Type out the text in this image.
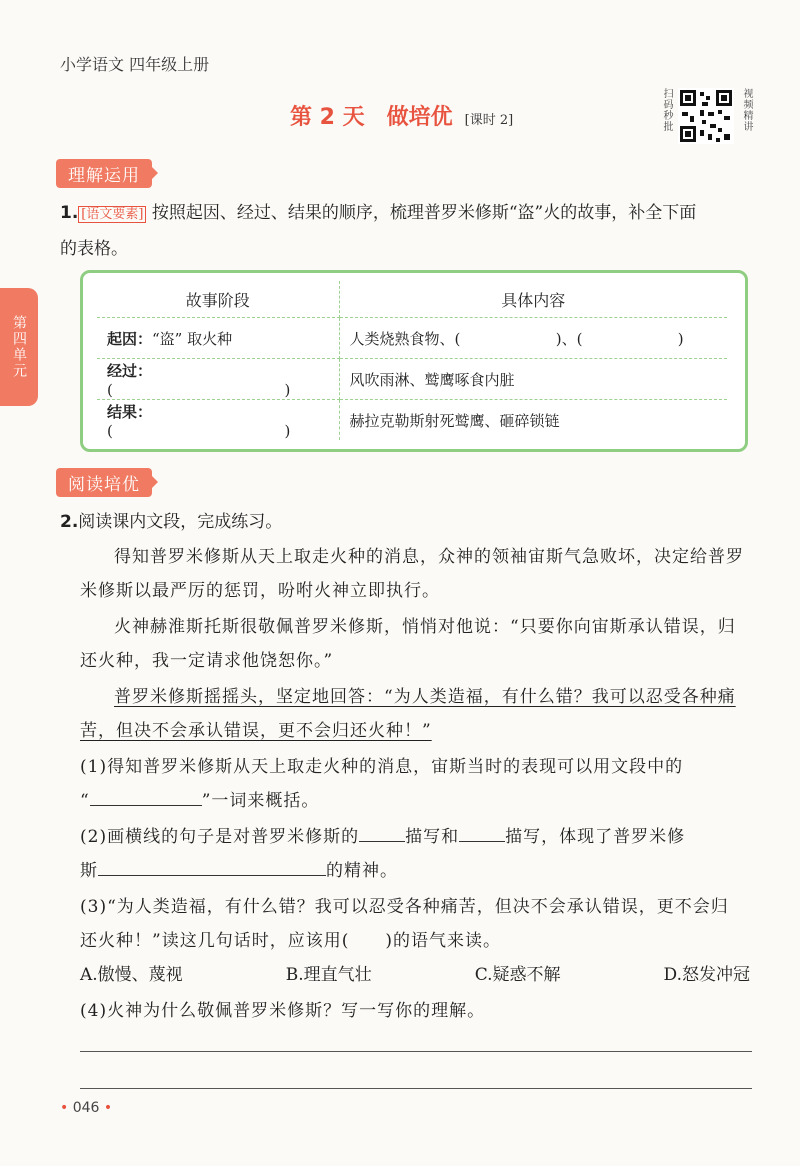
小学语文 四年级上册
第 2 天 做培优 [课时 2]	扫码秒批	视频精讲
理解运用
第四单元
1. [语文要素] 按照起因、经过、结果的顺序，梳理普罗米修斯“盗”火的故事，补全下面
的表格。
故事阶段	具体内容
起因：“盗” 取火种	人类烧熟食物、(                    )、(                    )
经过：(                                    )	风吹雨淋、鹫鹰啄食内脏
结果：(                                    )	赫拉克勒斯射死鹫鹰、砸碎锁链
阅读培优
2.阅读课内文段，完成练习。
得知普罗米修斯从天上取走火种的消息，众神的领袖宙斯气急败坏，决定给普罗米修斯以最严厉的惩罚，吩咐火神立即执行。
火神赫淮斯托斯很敬佩普罗米修斯，悄悄对他说：“只要你向宙斯承认错误，归还火种，我一定请求他饶恕你。”
普罗米修斯摇摇头，坚定地回答：“为人类造福，有什么错？我可以忍受各种痛苦，但决不会承认错误，更不会归还火种！”
(1)得知普罗米修斯从天上取走火种的消息，宙斯当时的表现可以用文段中的
“	”一词来概括。
(2)画横线的句子是对普罗米修斯的	描写和	描写，体现了普罗米修
斯	的精神。
(3)“为人类造福，有什么错？我可以忍受各种痛苦，但决不会承认错误，更不会归
还火种！”读这几句话时，应该用( )的语气来读。
A.傲慢、蔑视	B.理直气壮	C.疑惑不解	D.怒发冲冠
(4)火神为什么敬佩普罗米修斯？写一写你的理解。
• 046 •
